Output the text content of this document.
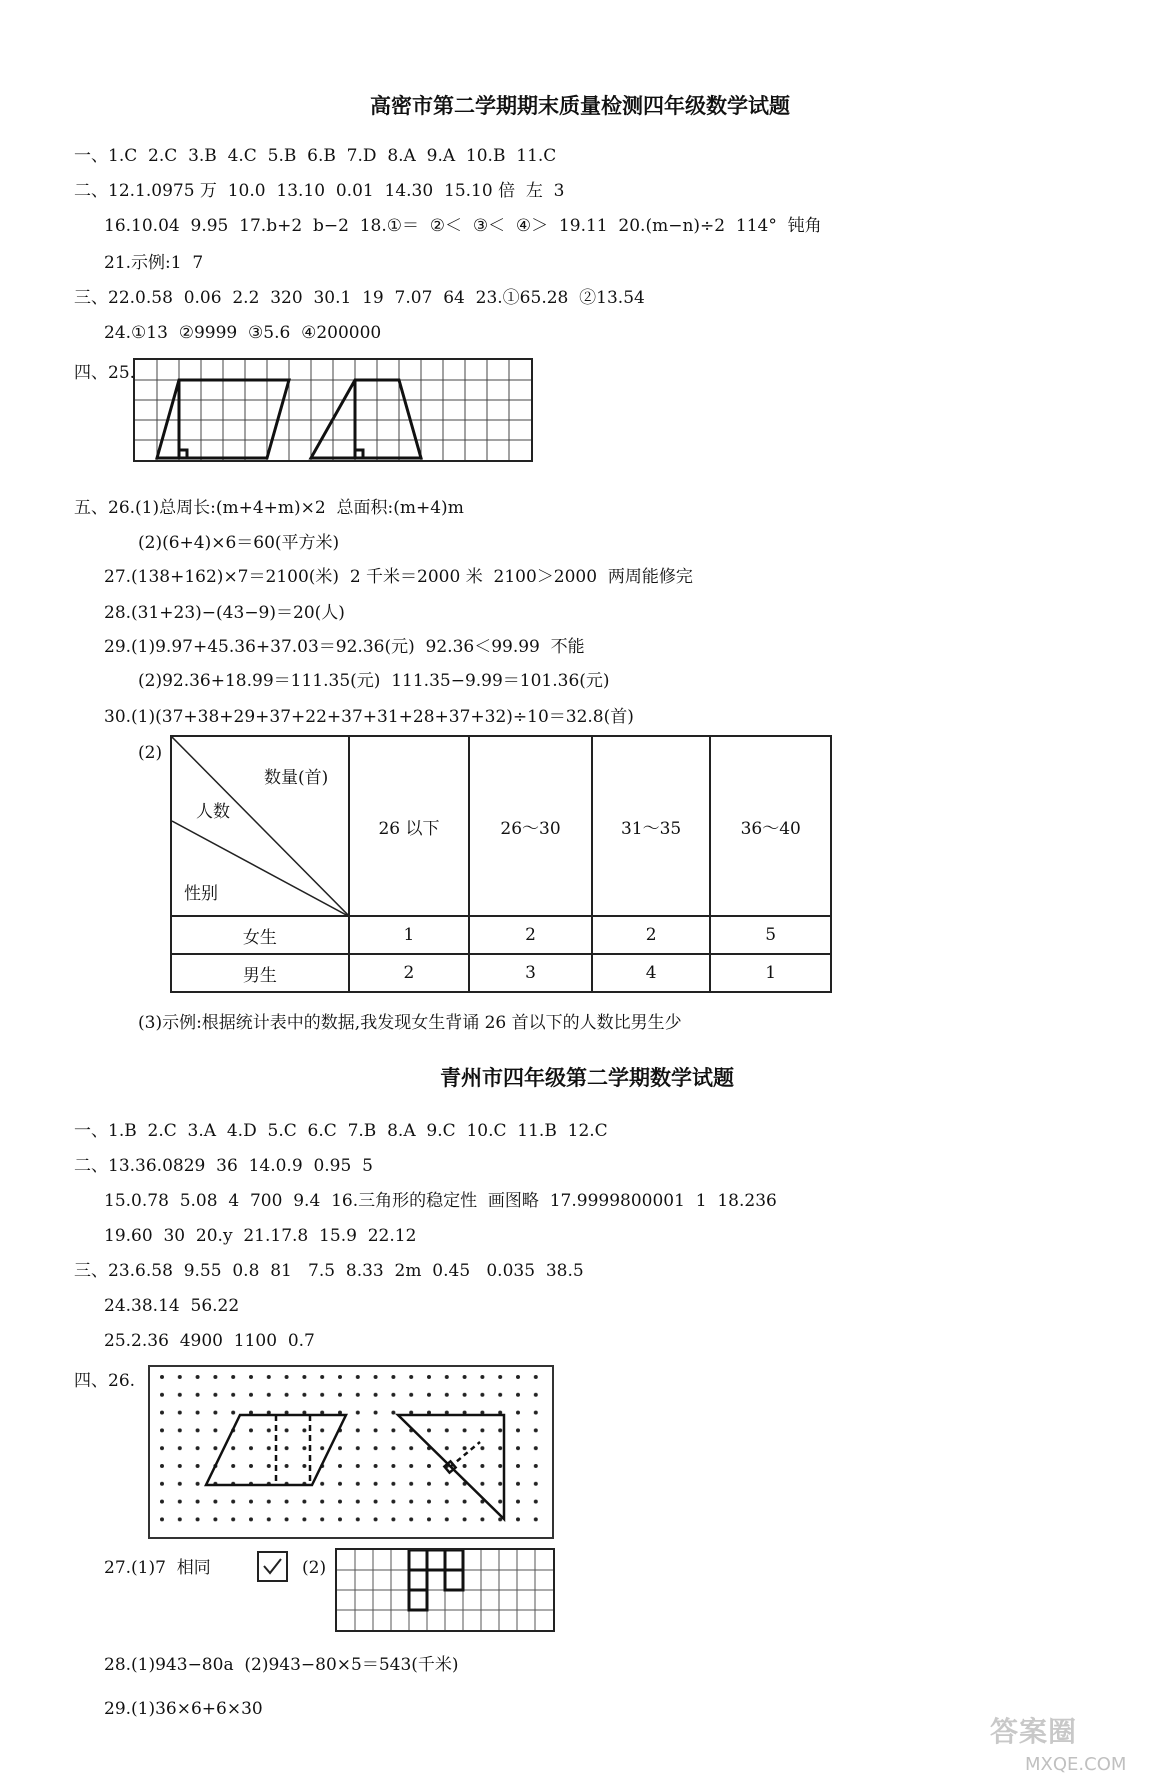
高密市第二学期期末质量检测四年级数学试题
一、1.C  2.C  3.B  4.C  5.B  6.B  7.D  8.A  9.A  10.B  11.C
二、12.1.0975 万  10.0  13.10  0.01  14.30  15.10 倍  左  3
16.10.04  9.95  17.b+2  b−2  18.①＝  ②＜  ③＜  ④＞  19.11  20.(m−n)÷2  114°  钝角
21.示例:1  7
三、22.0.58  0.06  2.2  320  30.1  19  7.07  64  23.①65.28  ②13.54
24.①13  ②9999  ③5.6  ④200000
四、25.
五、26.(1)总周长:(m+4+m)×2  总面积:(m+4)m
(2)(6+4)×6＝60(平方米)
27.(138+162)×7＝2100(米)  2 千米＝2000 米  2100＞2000  两周能修完
28.(31+23)−(43−9)＝20(人)
29.(1)9.97+45.36+37.03＝92.36(元)  92.36＜99.99  不能
(2)92.36+18.99＝111.35(元)  111.35−9.99＝101.36(元)
30.(1)(37+38+29+37+22+37+31+28+37+32)÷10＝32.8(首)
(2)
数量(首)
人数
性别	26 以下	26～30	31～35	36～40
女生	1	2	2	5
男生	2	3	4	1
(3)示例:根据统计表中的数据,我发现女生背诵 26 首以下的人数比男生少
青州市四年级第二学期数学试题
一、1.B  2.C  3.A  4.D  5.C  6.C  7.B  8.A  9.C  10.C  11.B  12.C
二、13.36.0829  36  14.0.9  0.95  5
15.0.78  5.08  4  700  9.4  16.三角形的稳定性  画图略  17.9999800001  1  18.236
19.60  30  20.y  21.17.8  15.9  22.12
三、23.6.58  9.55  0.8  81   7.5  8.33  2m  0.45   0.035  38.5
24.38.14  56.22
25.2.36  4900  1100  0.7
四、26.
27.(1)7  相同	(2)
28.(1)943−80a  (2)943−80×5＝543(千米)
29.(1)36×6+6×30
答案圈
MXQE.COM
